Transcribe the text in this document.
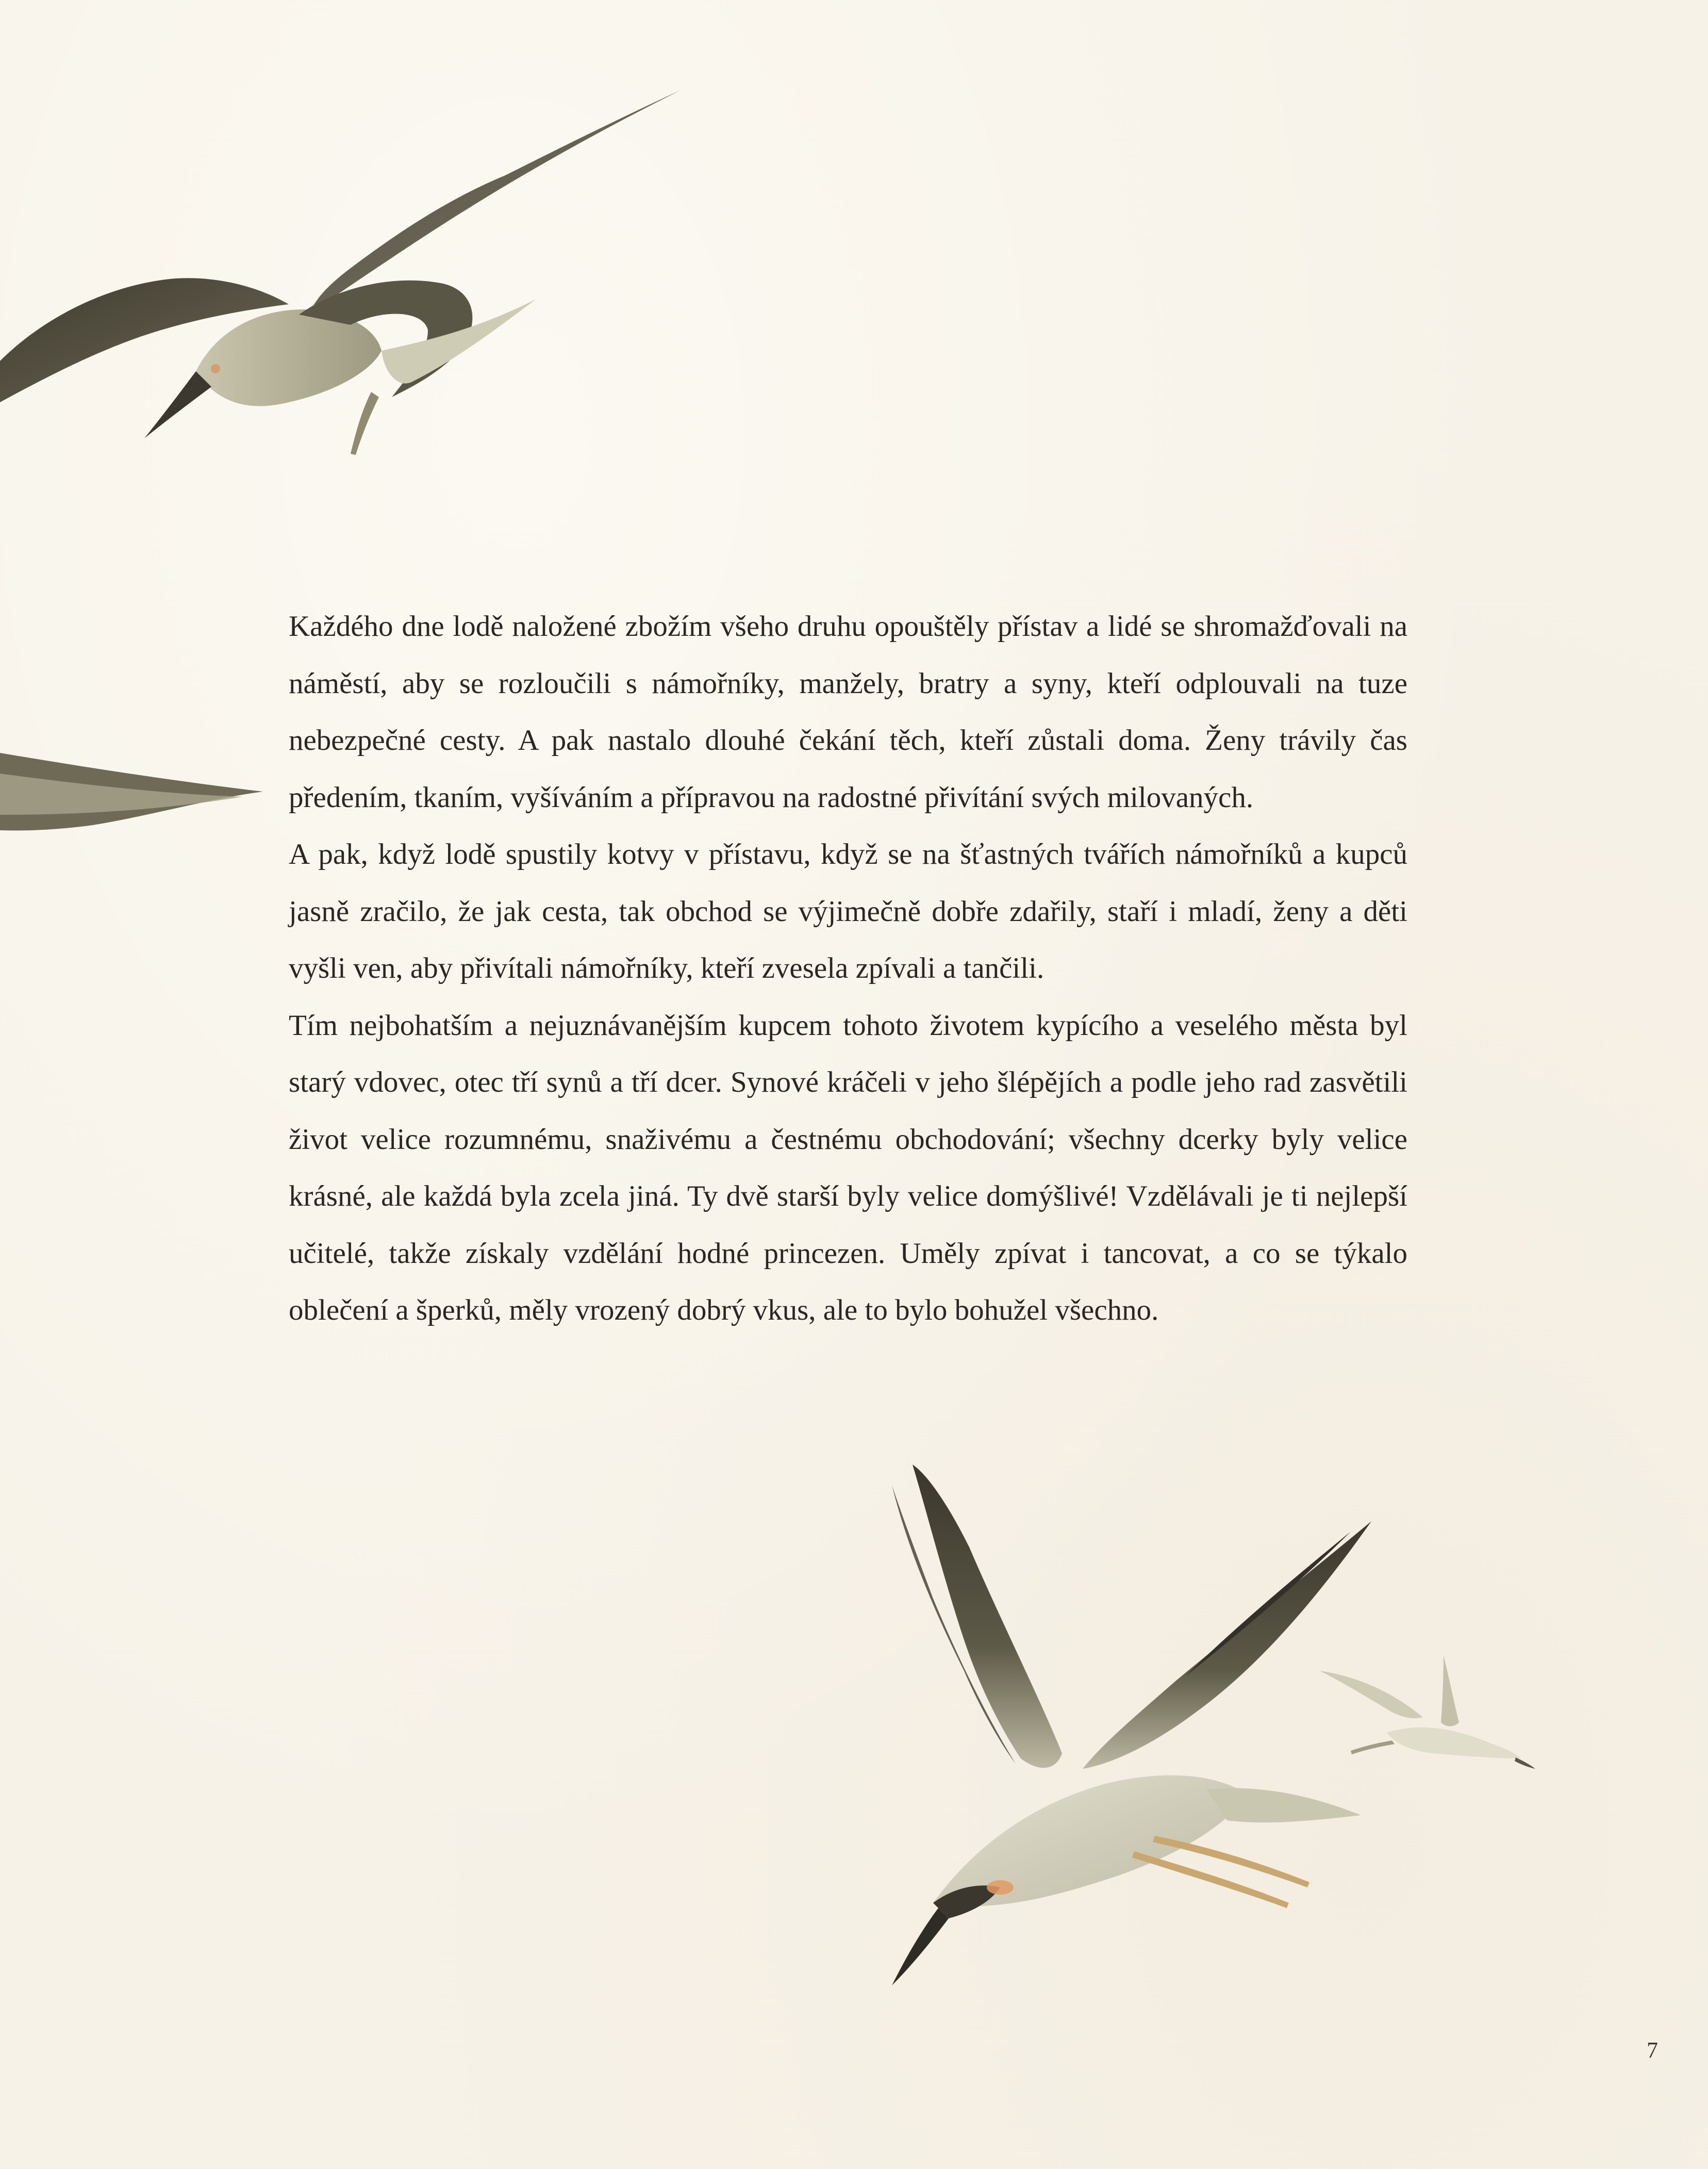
Každého dne lodě naložené zbožím všeho druhu opouštěly přístav a lidé se shromažďovali na náměstí, aby se rozloučili s námořníky, manžely, bratry a syny, kteří odplouvali na tuze nebezpečné cesty. A pak nastalo dlouhé čekání těch, kteří zůstali doma. Ženy trávily čas předením, tkaním, vyšíváním a přípravou na radostné přivítání svých milovaných.

A pak, když lodě spustily kotvy v přístavu, když se na šťastných tvářích námořníků a kupců jasně zračilo, že jak cesta, tak obchod se výjimečně dobře zdařily, staří i mladí, ženy a děti vyšli ven, aby přivítali námořníky, kteří zvesela zpívali a tančili.

Tím nejbohatším a nejuznávanějším kupcem tohoto životem kypícího a veselého města byl starý vdovec, otec tří synů a tří dcer. Synové kráčeli v jeho šlépějích a podle jeho rad zasvětili život velice rozumnému, snaživému a čestnému obchodování; všechny dcerky byly velice krásné, ale každá byla zcela jiná. Ty dvě starší byly velice domýšlivé! Vzdělávali je ti nejlepší učitelé, takže získaly vzdělání hodné princezen. Uměly zpívat i tancovat, a co se týkalo oblečení a šperků, měly vrozený dobrý vkus, ale to bylo bohužel všechno.

7
